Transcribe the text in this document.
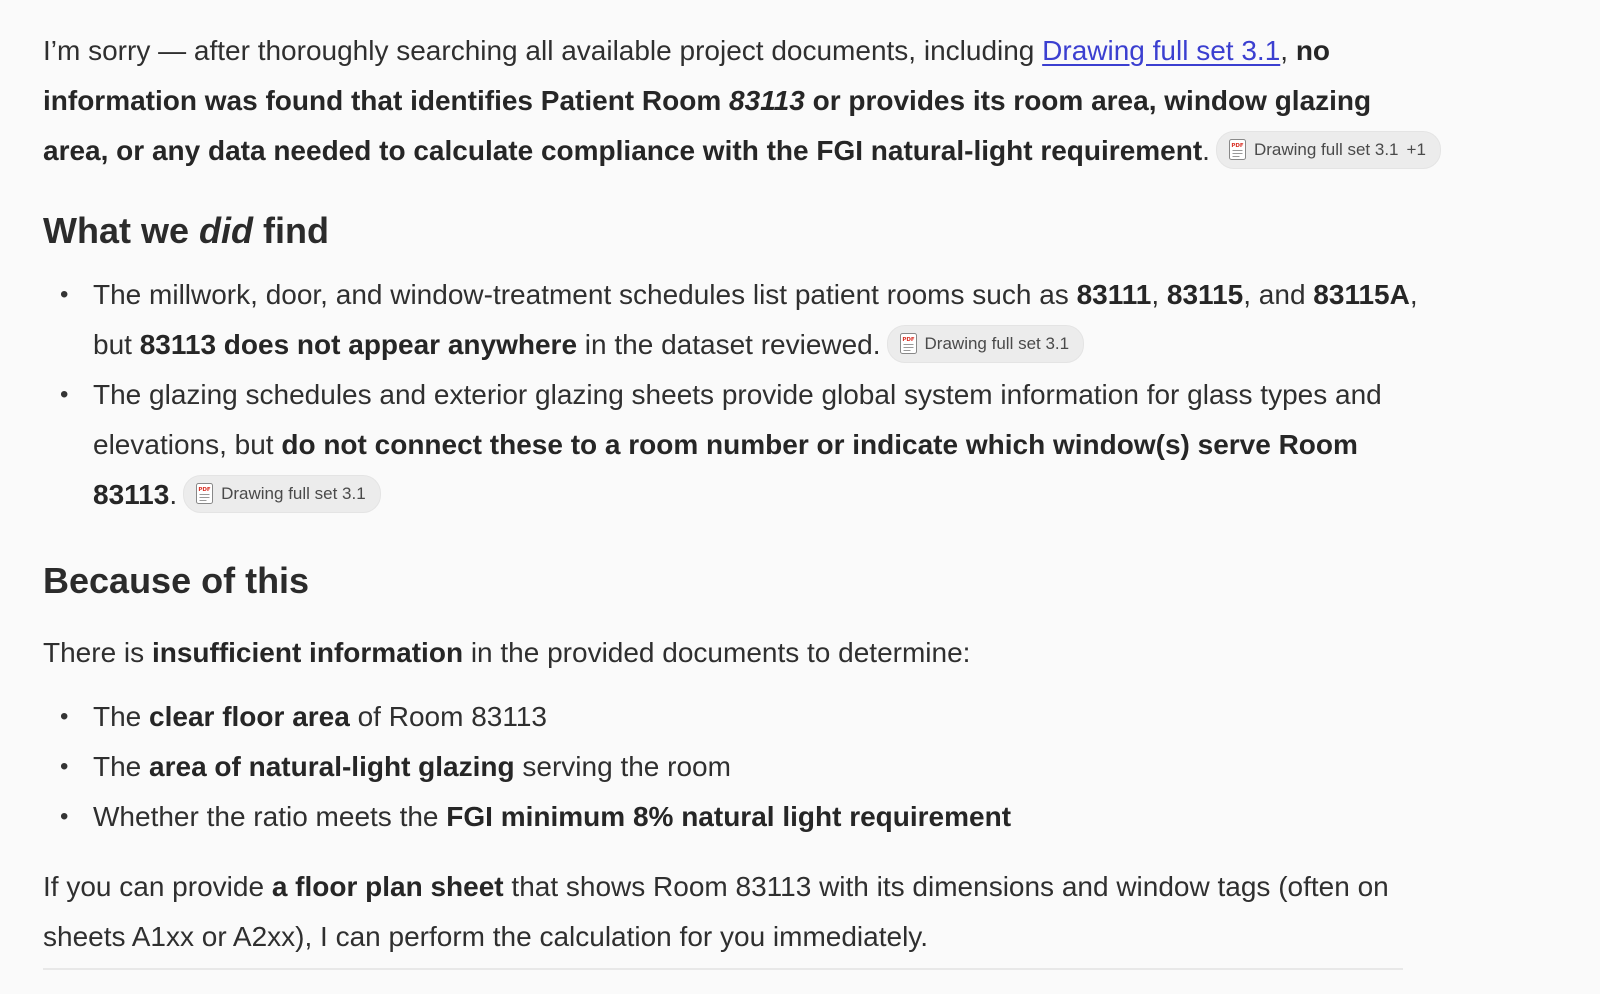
I’m sorry — after thoroughly searching all available project documents, including Drawing full set 3.1, no information was found that identifies Patient Room 83113 or provides its room area, window glazing area, or any data needed to calculate compliance with the FGI natural-light requirement.	PDF Drawing full set 3.1 +1

What we did find
• The millwork, door, and window-treatment schedules list patient rooms such as 83111, 83115, and 83115A, but 83113 does not appear anywhere in the dataset reviewed.	PDF Drawing full set 3.1
• The glazing schedules and exterior glazing sheets provide global system information for glass types and elevations, but do not connect these to a room number or indicate which window(s) serve Room 83113.	PDF Drawing full set 3.1
Because of this

There is insufficient information in the provided documents to determine:

• The clear floor area of Room 83113
• The area of natural-light glazing serving the room
• Whether the ratio meets the FGI minimum 8% natural light requirement

If you can provide a floor plan sheet that shows Room 83113 with its dimensions and window tags (often on sheets A1xx or A2xx), I can perform the calculation for you immediately.
